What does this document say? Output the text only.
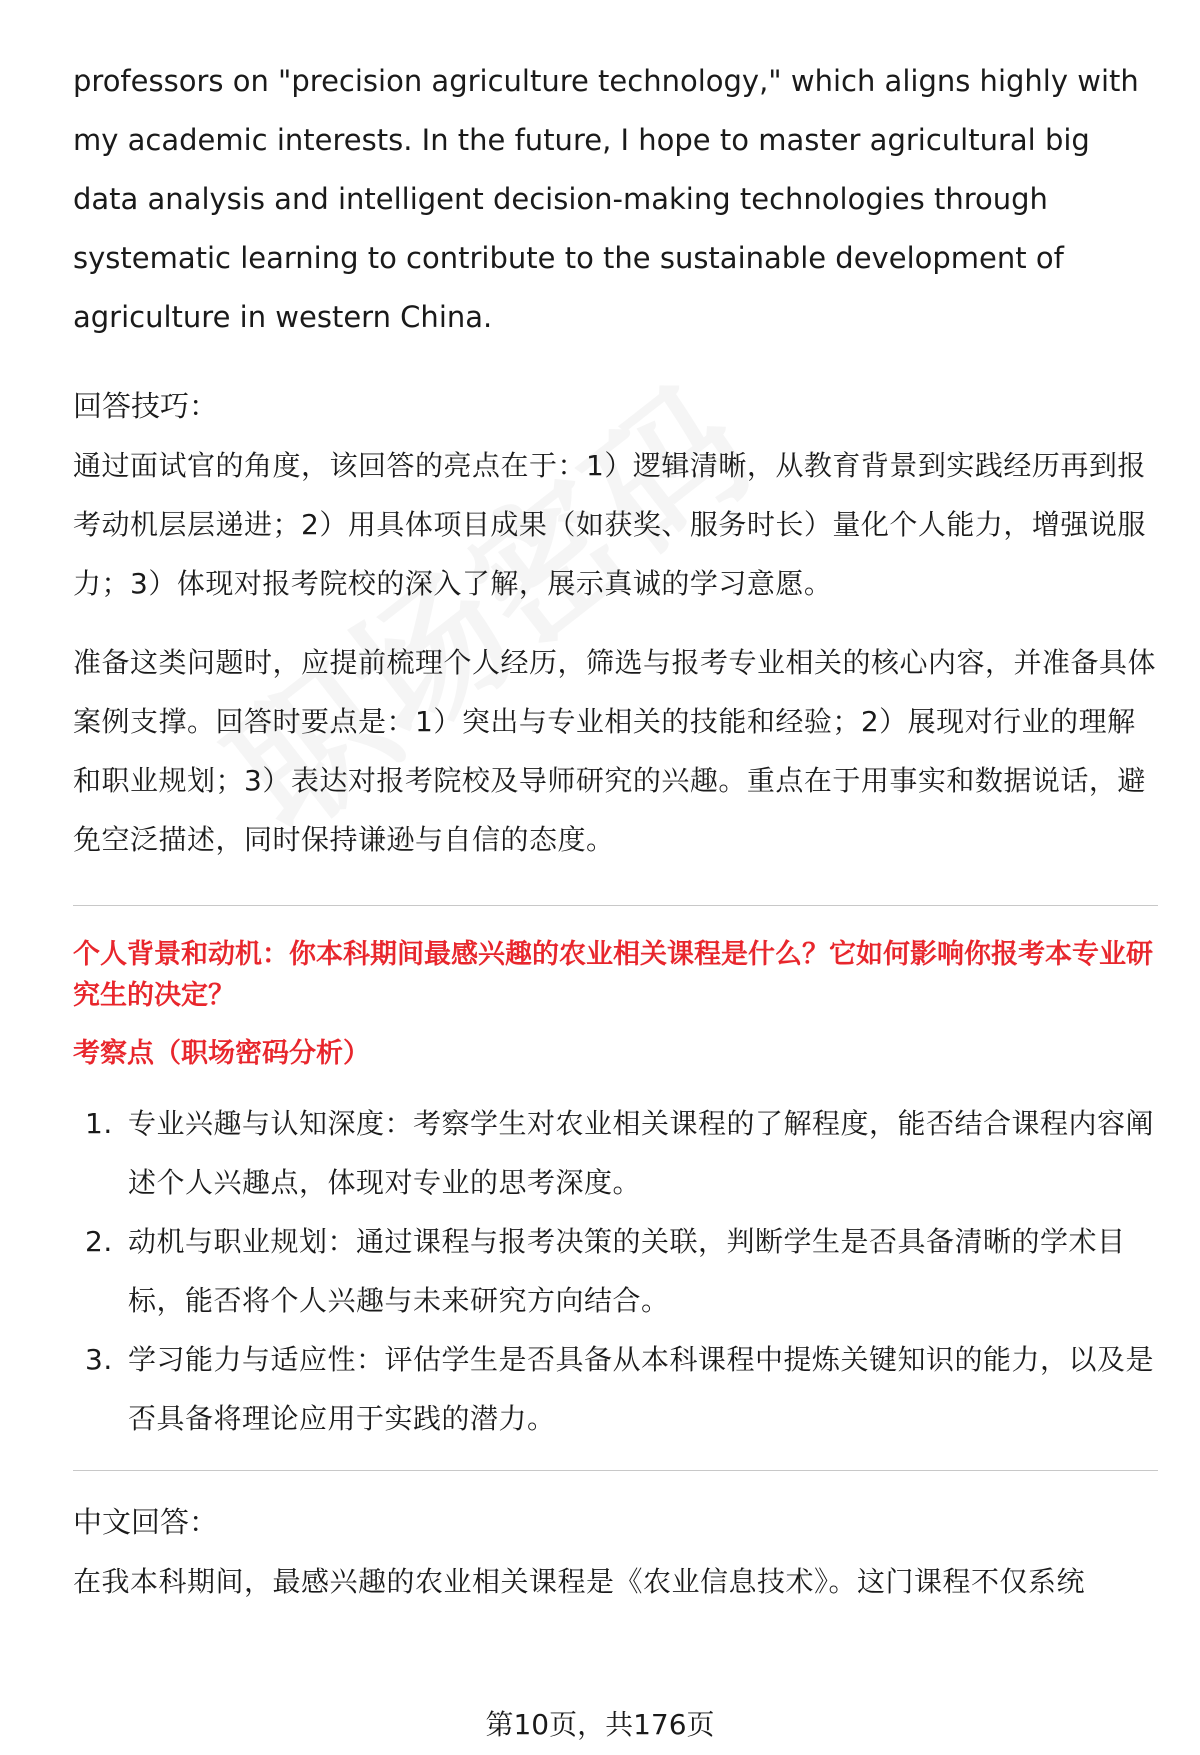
professors on "precision agriculture technology," which aligns highly with my academic interests. In the future, I hope to master agricultural big data analysis and intelligent decision-making technologies through systematic learning to contribute to the sustainable development of agriculture in western China.

回答技巧：

通过面试官的角度，该回答的亮点在于：1）逻辑清晰，从教育背景到实践经历再到报考动机层层递进；2）用具体项目成果（如获奖、服务时长）量化个人能力，增强说服力；3）体现对报考院校的深入了解，展示真诚的学习意愿。

准备这类问题时，应提前梳理个人经历，筛选与报考专业相关的核心内容，并准备具体案例支撑。回答时要点是：1）突出与专业相关的技能和经验；2）展现对行业的理解和职业规划；3）表达对报考院校及导师研究的兴趣。重点在于用事实和数据说话，避免空泛描述，同时保持谦逊与自信的态度。

个人背景和动机：你本科期间最感兴趣的农业相关课程是什么？它如何影响你报考本专业研究生的决定？

考察点（职场密码分析）

1. 专业兴趣与认知深度：考察学生对农业相关课程的了解程度，能否结合课程内容阐述个人兴趣点，体现对专业的思考深度。
2. 动机与职业规划：通过课程与报考决策的关联，判断学生是否具备清晰的学术目标，能否将个人兴趣与未来研究方向结合。
3. 学习能力与适应性：评估学生是否具备从本科课程中提炼关键知识的能力，以及是否具备将理论应用于实践的潜力。

中文回答：

在我本科期间，最感兴趣的农业相关课程是《农业信息技术》。这门课程不仅系统

第10页，共176页
